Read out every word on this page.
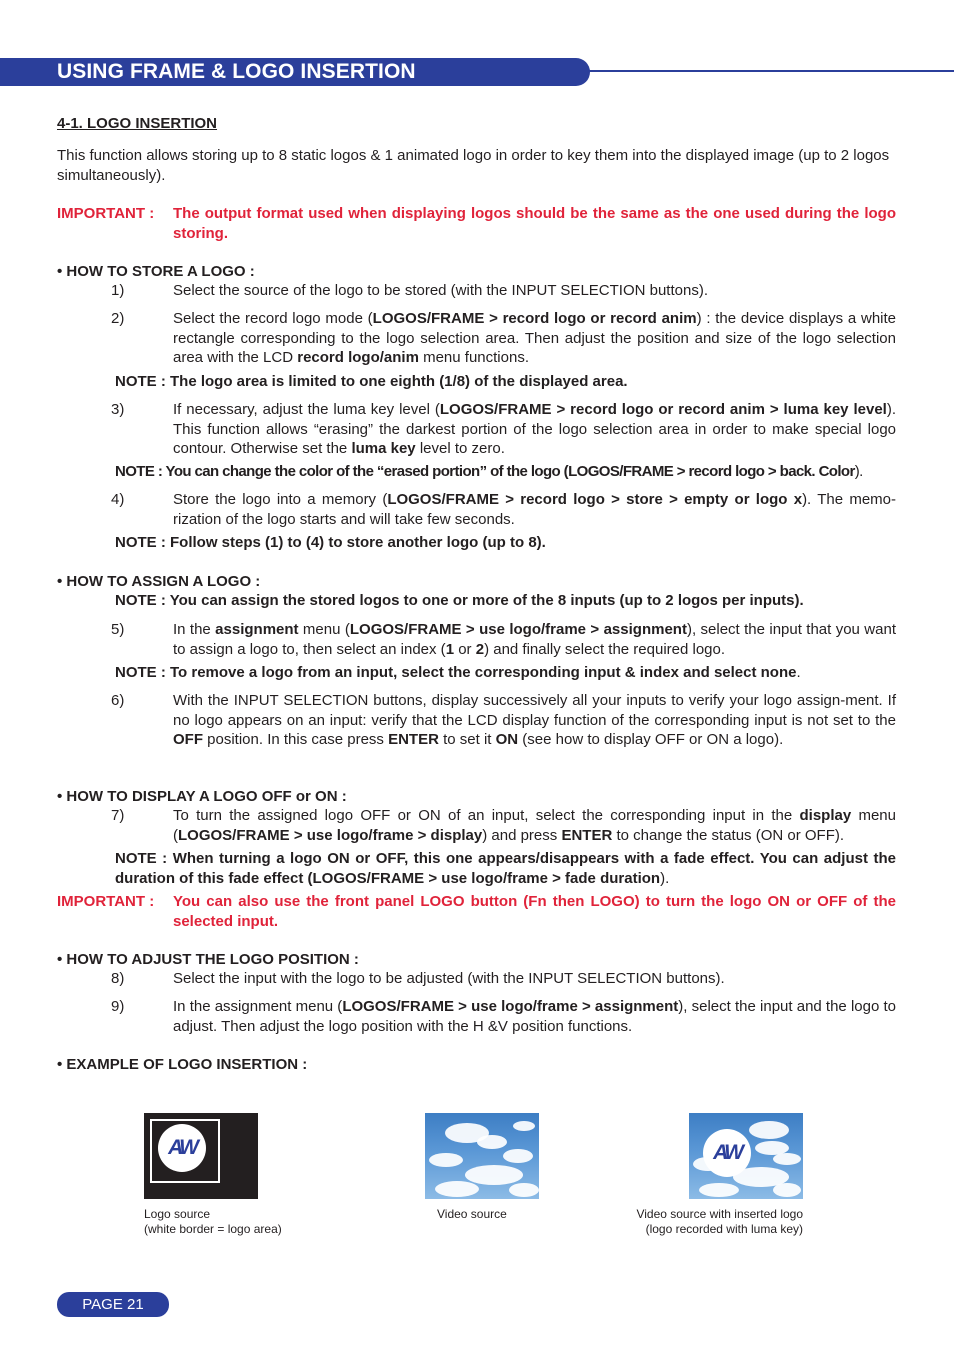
USING FRAME & LOGO INSERTION
4-1. LOGO INSERTION
This function allows storing up to 8 static logos & 1 animated logo in order to key them into the displayed image (up to 2 logos simultaneously).
IMPORTANT : The output format used when displaying logos should be the same as the one used during the logo storing.
• HOW TO STORE A LOGO :
1)	Select the source of the logo to be stored (with the INPUT SELECTION buttons).
2)	Select the record logo mode (LOGOS/FRAME > record logo or record anim) : the device displays a white rectangle corresponding to the logo selection area. Then adjust the position and size of the logo selection area with the LCD record logo/anim menu functions.
NOTE : The logo area is limited to one eighth (1/8) of the displayed area.
3)	If necessary, adjust the luma key level (LOGOS/FRAME > record logo or record anim > luma key level). This function allows “erasing” the darkest portion of the logo selection area in order to make special logo contour. Otherwise set the luma key level to zero.
NOTE : You can change the color of the “erased portion” of the logo (LOGOS/FRAME > record logo > back. Color).
4)	Store the logo into a memory (LOGOS/FRAME > record logo > store > empty or logo x). The memo-rization of the logo starts and will take few seconds.
NOTE : Follow steps (1) to (4) to store another logo (up to 8).
• HOW TO ASSIGN A LOGO :
NOTE : You can assign the stored logos to one or more of the 8 inputs (up to 2 logos per inputs).
5)	In the assignment menu (LOGOS/FRAME > use logo/frame > assignment), select the input that you want to assign a logo to, then select an index (1 or 2) and finally select the required logo.
NOTE : To remove a logo from an input, select the corresponding input & index and select none.
6)	With the INPUT SELECTION buttons, display successively all your inputs to verify your logo assign-ment. If no logo appears on an input: verify that the LCD display function of the corresponding input is not set to the OFF position. In this case press ENTER to set it ON (see how to display OFF or ON a logo).
• HOW TO DISPLAY A LOGO OFF or ON :
7)	To turn the assigned logo OFF or ON of an input, select the corresponding input in the display menu (LOGOS/FRAME > use logo/frame > display) and press ENTER to change the status (ON or OFF).
NOTE : When turning a logo ON or OFF, this one appears/disappears with a fade effect. You can adjust the duration of this fade effect (LOGOS/FRAME > use logo/frame > fade duration).
IMPORTANT : You can also use the front panel LOGO button (Fn then LOGO) to turn the logo ON or OFF of the selected input.
• HOW TO ADJUST THE LOGO POSITION :
8)	Select the input with the logo to be adjusted (with the INPUT SELECTION buttons).
9)	In the assignment menu (LOGOS/FRAME > use logo/frame > assignment), select the input and the logo to adjust. Then adjust the logo position with the H &V position functions.
• EXAMPLE OF LOGO INSERTION :
AW	AW
Logo source
(white border = logo area)
Video source	Video source with inserted logo
(logo recorded with luma key)
PAGE 21
